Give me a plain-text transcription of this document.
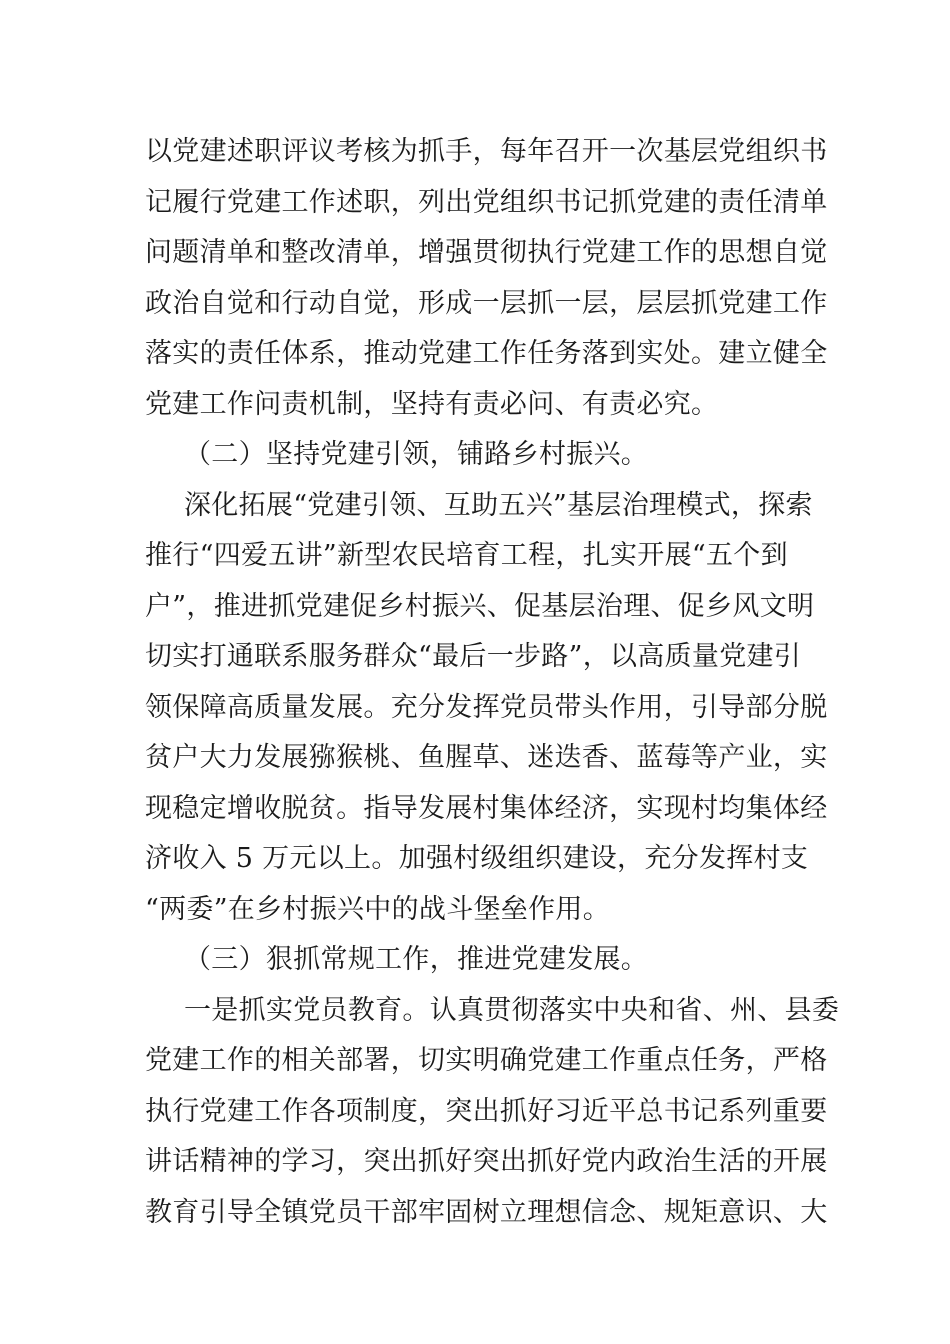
以党建述职评议考核为抓手，每年召开一次基层党组织书
记履行党建工作述职，列出党组织书记抓党建的责任清单
问题清单和整改清单，增强贯彻执行党建工作的思想自觉
政治自觉和行动自觉，形成一层抓一层，层层抓党建工作
落实的责任体系，推动党建工作任务落到实处。建立健全
党建工作问责机制，坚持有责必问、有责必究。
（二）坚持党建引领，铺路乡村振兴。
深化拓展“党建引领、互助五兴”基层治理模式，探索
推行“四爱五讲”新型农民培育工程，扎实开展“五个到
户”，推进抓党建促乡村振兴、促基层治理、促乡风文明
切实打通联系服务群众“最后一步路”，以高质量党建引
领保障高质量发展。充分发挥党员带头作用，引导部分脱
贫户大力发展猕猴桃、鱼腥草、迷迭香、蓝莓等产业，实
现稳定增收脱贫。指导发展村集体经济，实现村均集体经
济收入 5 万元以上。加强村级组织建设，充分发挥村支
“两委”在乡村振兴中的战斗堡垒作用。
（三）狠抓常规工作，推进党建发展。
一是抓实党员教育。认真贯彻落实中央和省、州、县委
党建工作的相关部署，切实明确党建工作重点任务，严格
执行党建工作各项制度，突出抓好习近平总书记系列重要
讲话精神的学习，突出抓好突出抓好党内政治生活的开展
教育引导全镇党员干部牢固树立理想信念、规矩意识、大
